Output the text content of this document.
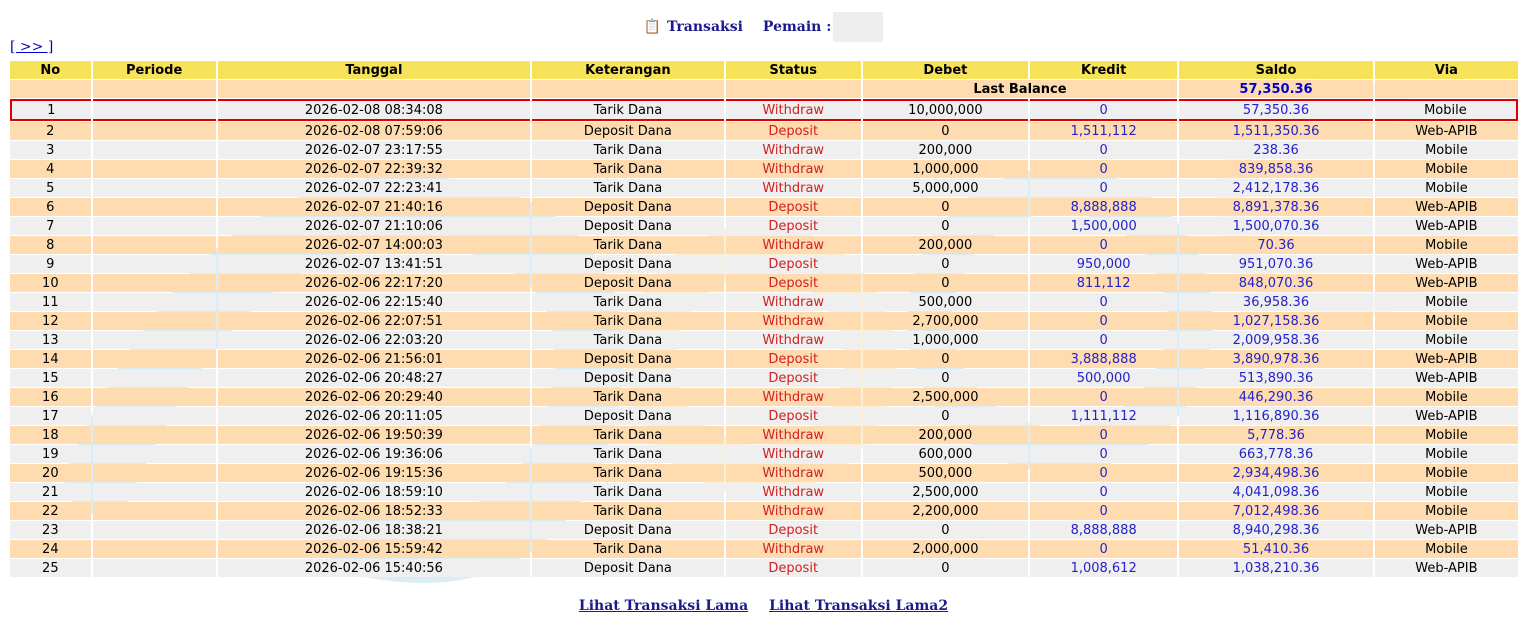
📋 Transaksi Pemain :
[ >> ]
No	Periode	Tanggal	Keterangan	Status	Debet	Kredit	Saldo	Via
					Last Balance		57,350.36	
1		2026-02-08 08:34:08	Tarik Dana	Withdraw	10,000,000	0	57,350.36	Mobile
2		2026-02-08 07:59:06	Deposit Dana	Deposit	0	1,511,112	1,511,350.36	Web-APIB
3		2026-02-07 23:17:55	Tarik Dana	Withdraw	200,000	0	238.36	Mobile
4		2026-02-07 22:39:32	Tarik Dana	Withdraw	1,000,000	0	839,858.36	Mobile
5		2026-02-07 22:23:41	Tarik Dana	Withdraw	5,000,000	0	2,412,178.36	Mobile
6		2026-02-07 21:40:16	Deposit Dana	Deposit	0	8,888,888	8,891,378.36	Web-APIB
7		2026-02-07 21:10:06	Deposit Dana	Deposit	0	1,500,000	1,500,070.36	Web-APIB
8		2026-02-07 14:00:03	Tarik Dana	Withdraw	200,000	0	70.36	Mobile
9		2026-02-07 13:41:51	Deposit Dana	Deposit	0	950,000	951,070.36	Web-APIB
10		2026-02-06 22:17:20	Deposit Dana	Deposit	0	811,112	848,070.36	Web-APIB
11		2026-02-06 22:15:40	Tarik Dana	Withdraw	500,000	0	36,958.36	Mobile
12		2026-02-06 22:07:51	Tarik Dana	Withdraw	2,700,000	0	1,027,158.36	Mobile
13		2026-02-06 22:03:20	Tarik Dana	Withdraw	1,000,000	0	2,009,958.36	Mobile
14		2026-02-06 21:56:01	Deposit Dana	Deposit	0	3,888,888	3,890,978.36	Web-APIB
15		2026-02-06 20:48:27	Deposit Dana	Deposit	0	500,000	513,890.36	Web-APIB
16		2026-02-06 20:29:40	Tarik Dana	Withdraw	2,500,000	0	446,290.36	Mobile
17		2026-02-06 20:11:05	Deposit Dana	Deposit	0	1,111,112	1,116,890.36	Web-APIB
18		2026-02-06 19:50:39	Tarik Dana	Withdraw	200,000	0	5,778.36	Mobile
19		2026-02-06 19:36:06	Tarik Dana	Withdraw	600,000	0	663,778.36	Mobile
20		2026-02-06 19:15:36	Tarik Dana	Withdraw	500,000	0	2,934,498.36	Mobile
21		2026-02-06 18:59:10	Tarik Dana	Withdraw	2,500,000	0	4,041,098.36	Mobile
22		2026-02-06 18:52:33	Tarik Dana	Withdraw	2,200,000	0	7,012,498.36	Mobile
23		2026-02-06 18:38:21	Deposit Dana	Deposit	0	8,888,888	8,940,298.36	Web-APIB
24		2026-02-06 15:59:42	Tarik Dana	Withdraw	2,000,000	0	51,410.36	Mobile
25		2026-02-06 15:40:56	Deposit Dana	Deposit	0	1,008,612	1,038,210.36	Web-APIB
Lihat Transaksi Lama Lihat Transaksi Lama2
